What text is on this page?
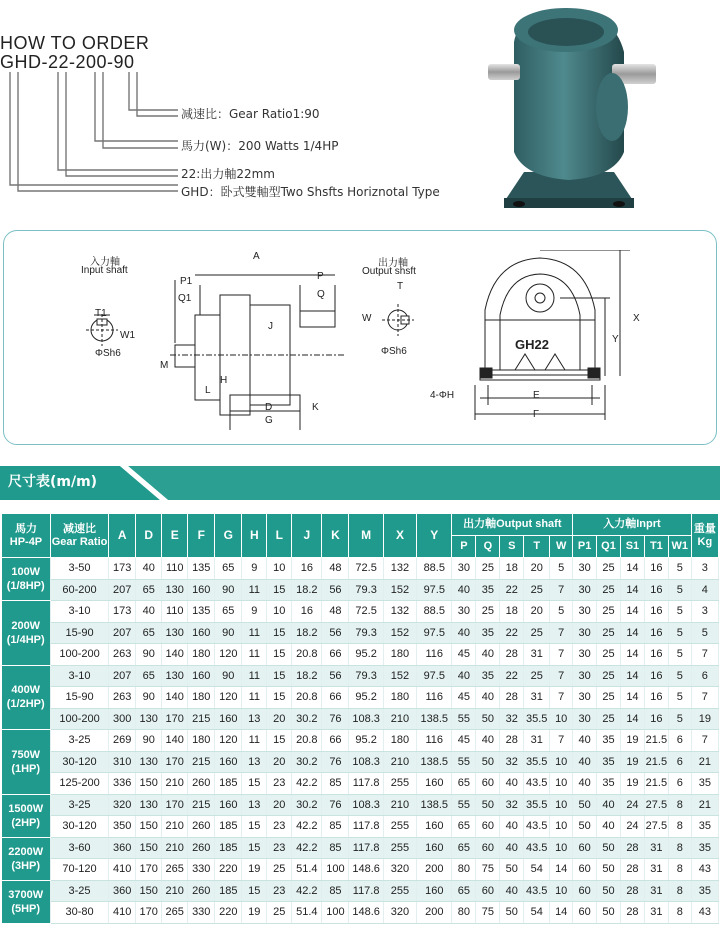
HOW TO ORDER
GHD-22-200-90
减速比：Gear Ratio1:90
馬力(W)：200 Watts 1/4HP
22:出力軸22mm
GHD：卧式雙軸型Two Shsfts Horiznotal Type
入力軸
Input shaft
T1
W1
ΦSh6
A
P1
Q1
P
Q
J
M
L
H
D	K
G
出力軸
Output shsft
T
W
ΦSh6	GH22
X
Y
4-ΦH	E
F
尺寸表(m/m)
馬力
HP-4P	减速比
Gear Ratio	A	D	E	F	G	H	L	J	K	M	X	Y	出力軸Output shaft					入力軸Inprt					重量
Kg
														P	Q	S	T	W	P1	Q1	S1	T1	W1	
100W
(1/8HP)	3-50	173	40	110	135	65	9	10	16	48	72.5	132	88.5	30	25	18	20	5	30	25	14	16	5	3
	60-200	207	65	130	160	90	11	15	18.2	56	79.3	152	97.5	40	35	22	25	7	30	25	14	16	5	4
200W
(1/4HP)	3-10	173	40	110	135	65	9	10	16	48	72.5	132	88.5	30	25	18	20	5	30	25	14	16	5	3
	15-90	207	65	130	160	90	11	15	18.2	56	79.3	152	97.5	40	35	22	25	7	30	25	14	16	5	5
	100-200	263	90	140	180	120	11	15	20.8	66	95.2	180	116	45	40	28	31	7	30	25	14	16	5	7
400W
(1/2HP)	3-10	207	65	130	160	90	11	15	18.2	56	79.3	152	97.5	40	35	22	25	7	30	25	14	16	5	6
	15-90	263	90	140	180	120	11	15	20.8	66	95.2	180	116	45	40	28	31	7	30	25	14	16	5	7
	100-200	300	130	170	215	160	13	20	30.2	76	108.3	210	138.5	55	50	32	35.5	10	30	25	14	16	5	19
750W
(1HP)	3-25	269	90	140	180	120	11	15	20.8	66	95.2	180	116	45	40	28	31	7	40	35	19	21.5	6	7
	30-120	310	130	170	215	160	13	20	30.2	76	108.3	210	138.5	55	50	32	35.5	10	40	35	19	21.5	6	21
	125-200	336	150	210	260	185	15	23	42.2	85	117.8	255	160	65	60	40	43.5	10	40	35	19	21.5	6	35
1500W
(2HP)	3-25	320	130	170	215	160	13	20	30.2	76	108.3	210	138.5	55	50	32	35.5	10	50	40	24	27.5	8	21
	30-120	350	150	210	260	185	15	23	42.2	85	117.8	255	160	65	60	40	43.5	10	50	40	24	27.5	8	35
2200W
(3HP)	3-60	360	150	210	260	185	15	23	42.2	85	117.8	255	160	65	60	40	43.5	10	60	50	28	31	8	35
	70-120	410	170	265	330	220	19	25	51.4	100	148.6	320	200	80	75	50	54	14	60	50	28	31	8	43
3700W
(5HP)	3-25	360	150	210	260	185	15	23	42.2	85	117.8	255	160	65	60	40	43.5	10	60	50	28	31	8	35
	30-80	410	170	265	330	220	19	25	51.4	100	148.6	320	200	80	75	50	54	14	60	50	28	31	8	43
